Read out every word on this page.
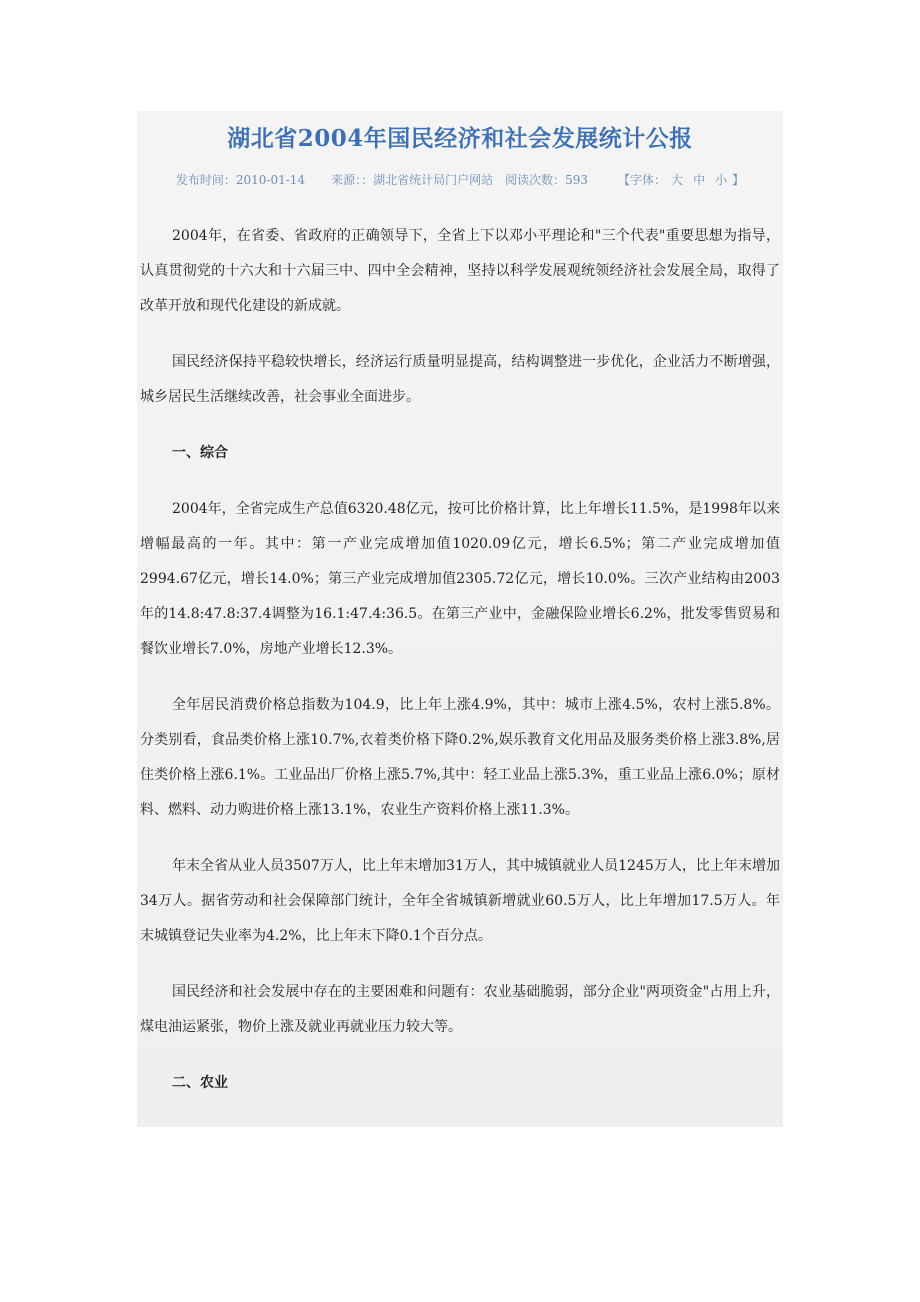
湖北省2004年国民经济和社会发展统计公报
发布时间：2010-01-14 来源：：湖北省统计局门户网站 阅读次数：593	【字体： 大 中 小 】

2004年，在省委、省政府的正确领导下，全省上下以邓小平理论和"三个代表"重要思想为指导，认真贯彻党的十六大和十六届三中、四中全会精神，坚持以科学发展观统领经济社会发展全局，取得了改革开放和现代化建设的新成就。

国民经济保持平稳较快增长，经济运行质量明显提高，结构调整进一步优化，企业活力不断增强，城乡居民生活继续改善，社会事业全面进步。

一、综合

2004年，全省完成生产总值6320.48亿元，按可比价格计算，比上年增长11.5%，是1998年以来增幅最高的一年。其中：第一产业完成增加值1020.09亿元，增长6.5%；第二产业完成增加值2994.67亿元，增长14.0%；第三产业完成增加值2305.72亿元，增长10.0%。三次产业结构由2003年的14.8:47.8:37.4调整为16.1:47.4:36.5。在第三产业中，金融保险业增长6.2%，批发零售贸易和餐饮业增长7.0%，房地产业增长12.3%。

全年居民消费价格总指数为104.9，比上年上涨4.9%，其中：城市上涨4.5%，农村上涨5.8%。分类别看，食品类价格上涨10.7%,衣着类价格下降0.2%,娱乐教育文化用品及服务类价格上涨3.8%,居住类价格上涨6.1%。工业品出厂价格上涨5.7%,其中：轻工业品上涨5.3%，重工业品上涨6.0%；原材料、燃料、动力购进价格上涨13.1%，农业生产资料价格上涨11.3%。

年末全省从业人员3507万人，比上年末增加31万人，其中城镇就业人员1245万人，比上年末增加34万人。据省劳动和社会保障部门统计，全年全省城镇新增就业60.5万人，比上年增加17.5万人。年末城镇登记失业率为4.2%，比上年末下降0.1个百分点。

国民经济和社会发展中存在的主要困难和问题有：农业基础脆弱，部分企业"两项资金"占用上升，煤电油运紧张，物价上涨及就业再就业压力较大等。

二、农业
